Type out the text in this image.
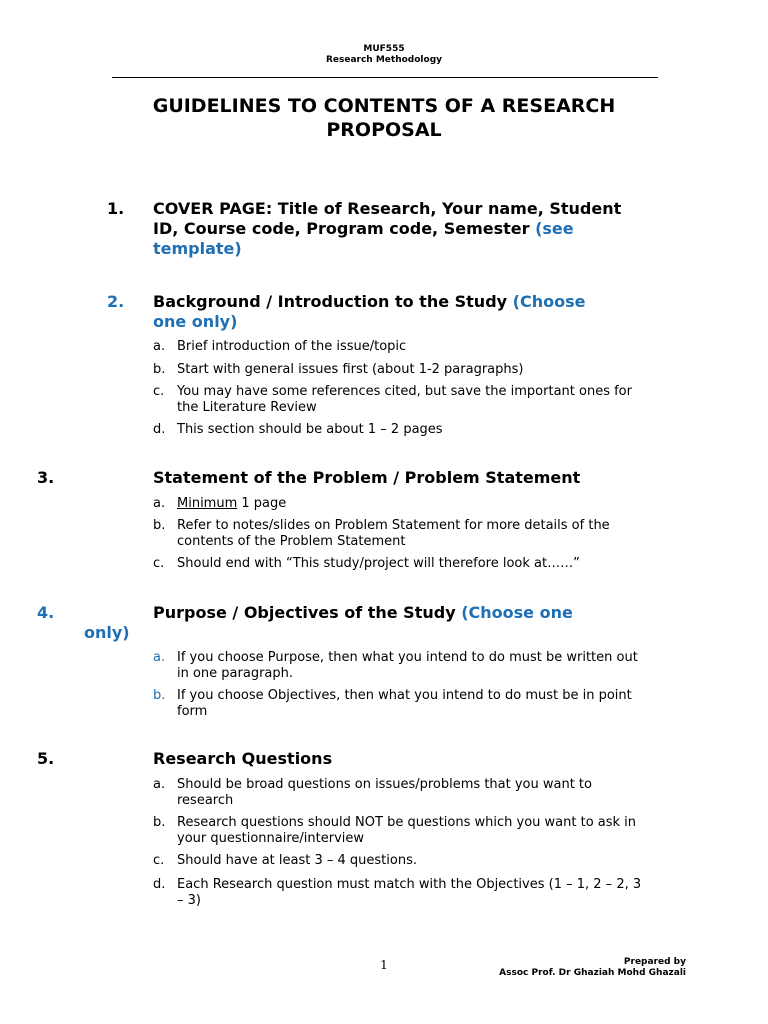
MUF555
Research Methodology
GUIDELINES TO CONTENTS OF A RESEARCH
PROPOSAL
1. COVER PAGE: Title of Research, Your name, Student
ID, Course code, Program code, Semester (see
template)
2. Background / Introduction to the Study (Choose
one only)
a. Brief introduction of the issue/topic
b. Start with general issues first (about 1-2 paragraphs)
c. You may have some references cited, but save the important ones for
the Literature Review
d. This section should be about 1 – 2 pages
3.	Statement of the Problem / Problem Statement
a. Minimum 1 page
b. Refer to notes/slides on Problem Statement for more details of the
contents of the Problem Statement
c. Should end with “This study/project will therefore look at……”
4.	Purpose / Objectives of the Study (Choose one
only)
a. If you choose Purpose, then what you intend to do must be written out
in one paragraph.
b. If you choose Objectives, then what you intend to do must be in point
form
5.	Research Questions
a. Should be broad questions on issues/problems that you want to
research
b. Research questions should NOT be questions which you want to ask in
your questionnaire/interview
c. Should have at least 3 – 4 questions.
d. Each Research question must match with the Objectives (1 – 1, 2 – 2, 3
– 3)
1	Prepared by
Assoc Prof. Dr Ghaziah Mohd Ghazali
